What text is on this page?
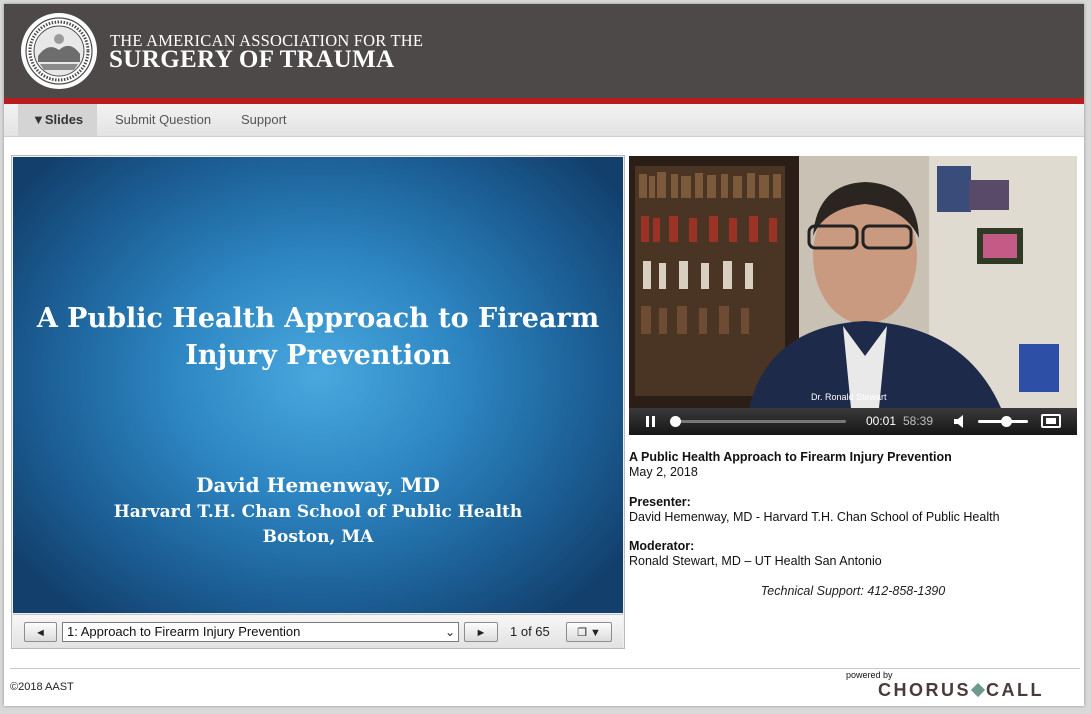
THE AMERICAN ASSOCIATION FOR THE
SURGERY OF TRAUMA
▼Slides	Submit Question	Support
A Public Health Approach to Firearm Injury Prevention
David Hemenway, MD
Harvard T.H. Chan School of Public Health
Boston, MA
◄	1: Approach to Firearm Injury Prevention	⌄	►	1 of 65	❐ ▼
Dr. Ronald Stewart
00:01 58:39
A Public Health Approach to Firearm Injury Prevention
May 2, 2018
Presenter:
David Hemenway, MD - Harvard T.H. Chan School of Public Health
Moderator:
Ronald Stewart, MD – UT Health San Antonio
Technical Support: 412-858-1390
©2018 AAST
powered by
CHORUS CALL
